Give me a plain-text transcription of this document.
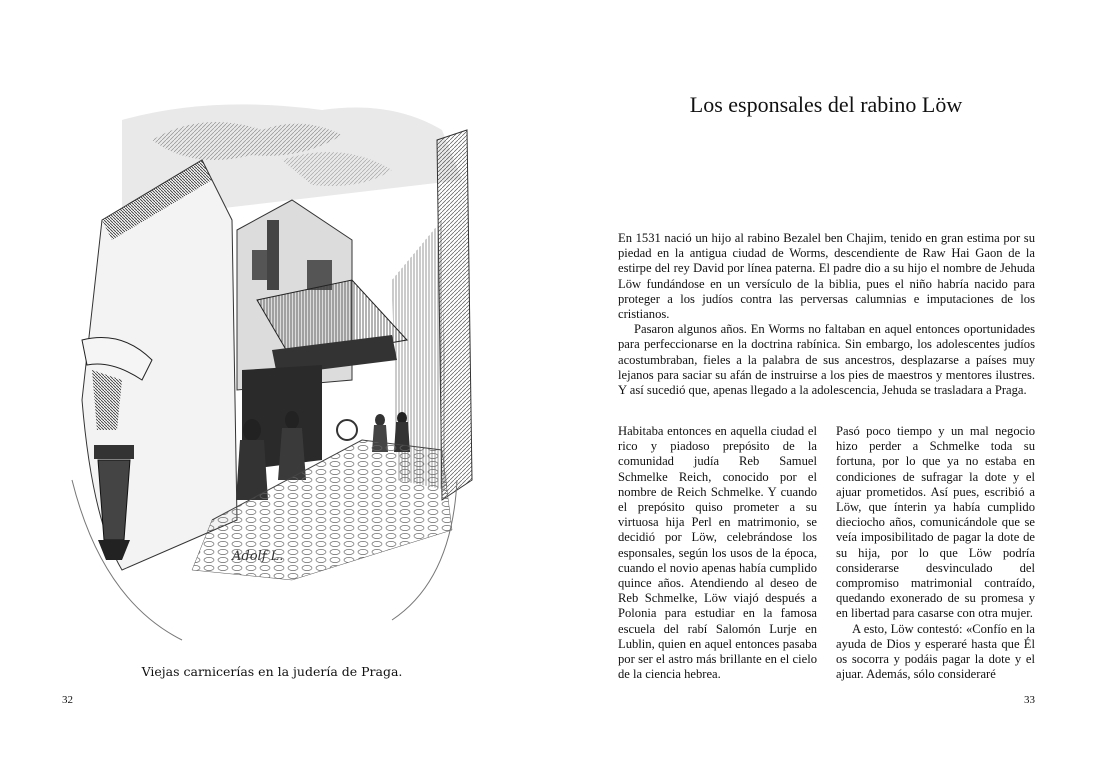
Adolf L.
Viejas carnicerías en la judería de Praga.
32
Los esponsales del rabino Löw

En 1531 nació un hijo al rabino Bezalel ben Chajim, tenido en gran estima por su piedad en la antigua ciudad de Worms, descendiente de Raw Hai Gaon de la estirpe del rey David por línea paterna. El padre dio a su hijo el nombre de Jehuda Löw fundándose en un versículo de la biblia, pues el niño habría nacido para proteger a los judíos contra las perversas calumnias e imputaciones de los cristianos.

Pasaron algunos años. En Worms no faltaban en aquel entonces oportunidades para perfeccionarse en la doctrina rabínica. Sin embargo, los adolescentes judíos acostumbraban, fieles a la palabra de sus ancestros, desplazarse a países muy lejanos para saciar su afán de instruirse a los pies de maestros y mentores ilustres. Y así sucedió que, apenas llegado a la adolescencia, Jehuda se trasladara a Praga.

Habitaba entonces en aquella ciudad el rico y piadoso prepósito de la comunidad judía Reb Samuel Schmelke Reich, conocido por el nombre de Reich Schmelke. Y cuando el prepósito quiso prometer a su virtuosa hija Perl en matrimonio, se decidió por Löw, celebrándose los esponsales, según los usos de la época, cuando el novio apenas había cumplido quince años. Atendiendo al deseo de Reb Schmelke, Löw viajó después a Polonia para estudiar en la famosa escuela del rabí Salomón Lurje en Lublin, quien en aquel entonces pasaba por ser el astro más brillante en el cielo de la ciencia hebrea.

Pasó poco tiempo y un mal negocio hizo perder a Schmelke toda su fortuna, por lo que ya no estaba en condiciones de sufragar la dote y el ajuar prometidos. Así pues, escribió a Löw, que ínterin ya había cumplido dieciocho años, comunicándole que se veía imposibilitado de pagar la dote de su hija, por lo que Löw podría considerarse desvinculado del compromiso matrimonial contraído, quedando exonerado de su promesa y en libertad para casarse con otra mujer.

A esto, Löw contestó: «Confío en la ayuda de Dios y esperaré hasta que Él os socorra y podáis pagar la dote y el ajuar. Además, sólo consideraré

33
